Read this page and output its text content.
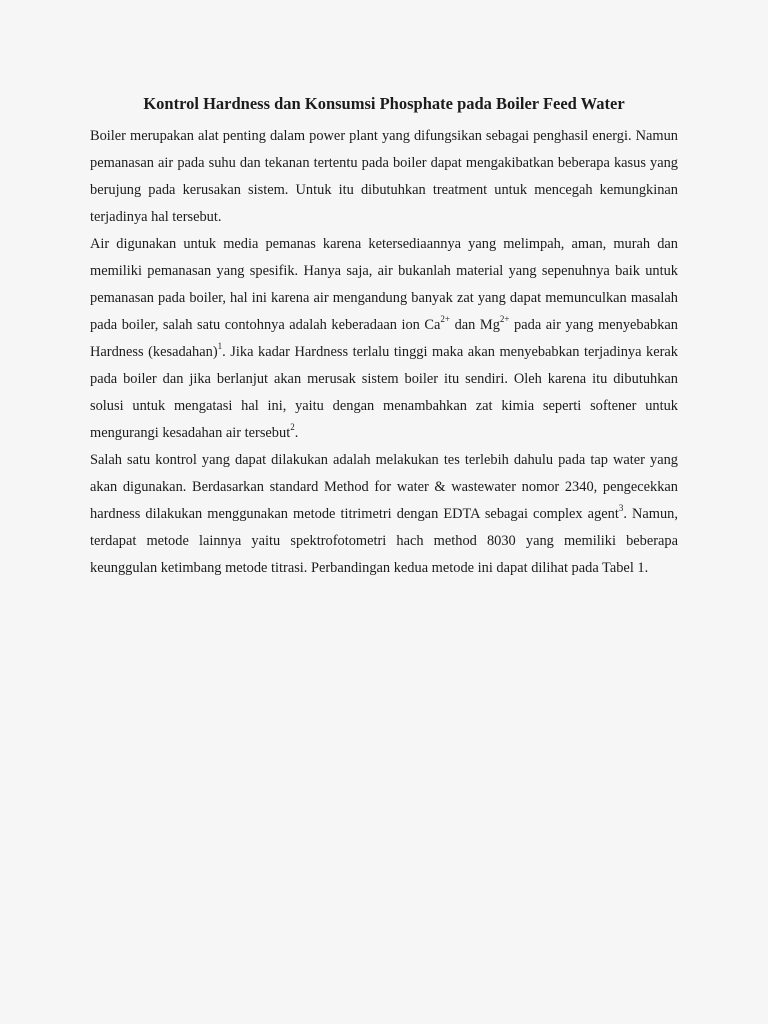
Kontrol Hardness dan Konsumsi Phosphate pada Boiler Feed Water

Boiler merupakan alat penting dalam power plant yang difungsikan sebagai penghasil energi. Namun pemanasan air pada suhu dan tekanan tertentu pada boiler dapat mengakibatkan beberapa kasus yang berujung pada kerusakan sistem. Untuk itu dibutuhkan treatment untuk mencegah kemungkinan terjadinya hal tersebut.

Air digunakan untuk media pemanas karena ketersediaannya yang melimpah, aman, murah dan memiliki pemanasan yang spesifik. Hanya saja, air bukanlah material yang sepenuhnya baik untuk pemanasan pada boiler, hal ini karena air mengandung banyak zat yang dapat memunculkan masalah pada boiler, salah satu contohnya adalah keberadaan ion $Ca^{2+}$ dan $Mg^{2+}$ pada air yang menyebabkan Hardness (kesadahan)$^1$. Jika kadar Hardness terlalu tinggi maka akan menyebabkan terjadinya kerak pada boiler dan jika berlanjut akan merusak sistem boiler itu sendiri. Oleh karena itu dibutuhkan solusi untuk mengatasi hal ini, yaitu dengan menambahkan zat kimia seperti softener untuk mengurangi kesadahan air tersebut$^2$.

Salah satu kontrol yang dapat dilakukan adalah melakukan tes terlebih dahulu pada tap water yang akan digunakan. Berdasarkan standard Method for water & wastewater nomor 2340, pengecekkan hardness dilakukan menggunakan metode titrimetri dengan EDTA sebagai complex agent$^3$. Namun, terdapat metode lainnya yaitu spektrofotometri hach method 8030 yang memiliki beberapa keunggulan ketimbang metode titrasi. Perbandingan kedua metode ini dapat dilihat pada Tabel 1.
